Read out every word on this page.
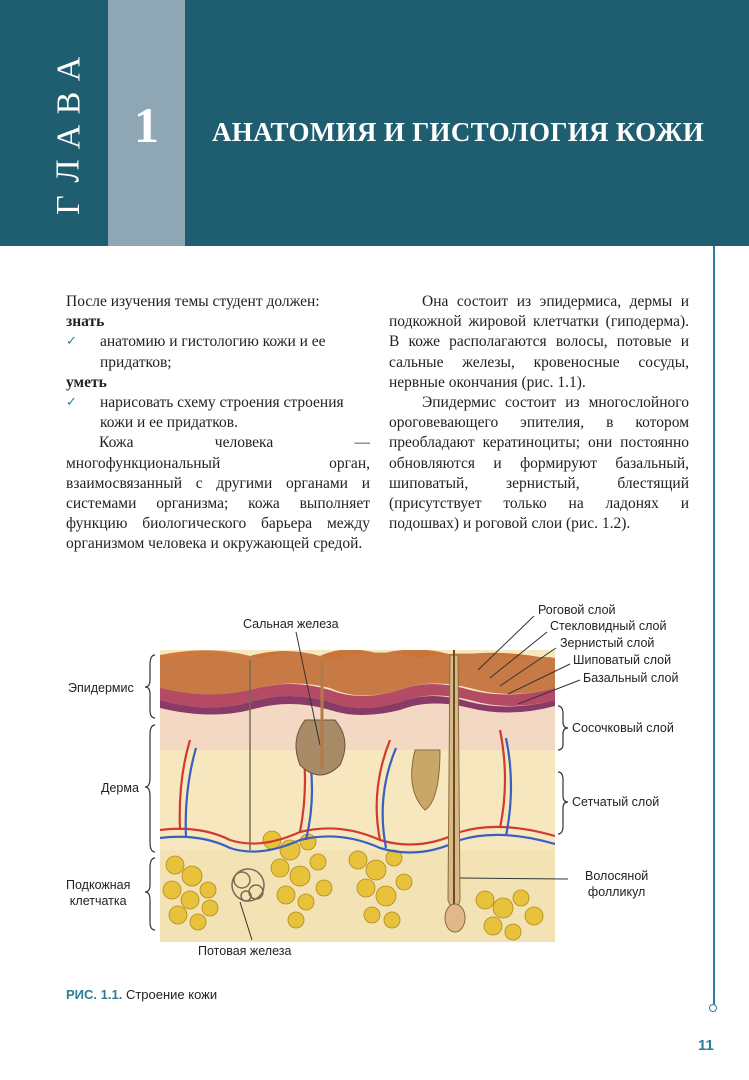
А
В
А
Л
Г
1	АНАТОМИЯ И ГИСТОЛОГИЯ КОЖИ

После изучения темы студент должен:

знать

✓	анатомию и гистологию кожи и ее придатков;

уметь

✓	нарисовать схему строения строения кожи и ее придатков.

Кожа человека — многофункциональный орган, взаимосвязанный с другими органами и системами организма; кожа выполняет функцию биологического барьера между организмом человека и окружающей средой.

Она состоит из эпидермиса, дермы и подкожной жировой клетчатки (гиподерма). В коже располагаются волосы, потовые и сальные железы, кровеносные сосуды, нервные окончания (рис. 1.1).

Эпидермис состоит из многослойного ороговевающего эпителия, в котором преобладают кератиноциты; они постоянно обновляются и формируют базальный, шиповатый, зернистый, блестящий (присутствует только на ладонях и подошвах) и роговой слои (рис. 1.2).

Сальная железа
Эпидермис
Дерма
Подкожная
клетчатка
Потовая железа
Роговой слой
Стекловидный слой
Зернистый слой
Шиповатый слой
Базальный слой
Сосочковый слой
Сетчатый слой
Волосяной
фолликул
РИС. 1.1. Строение кожи
11
